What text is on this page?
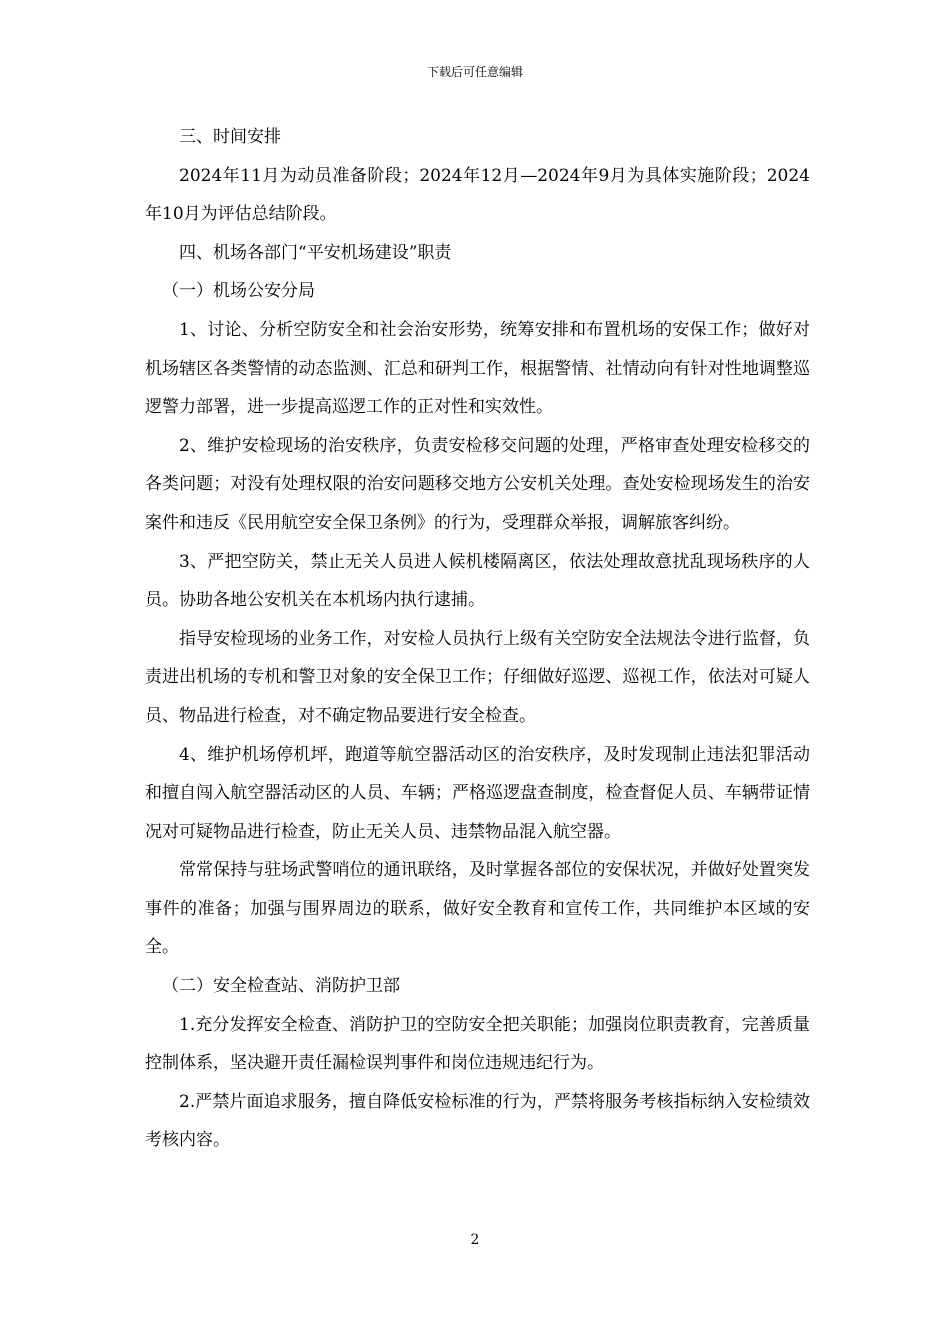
下载后可任意编辑

三、时间安排

2024年11月为动员准备阶段；2024年12月—2024年9月为具体实施阶段；2024年10月为评估总结阶段。

四、机场各部门“平安机场建设”职责

（一）机场公安分局

1、讨论、分析空防安全和社会治安形势，统筹安排和布置机场的安保工作；做好对机场辖区各类警情的动态监测、汇总和研判工作，根据警情、社情动向有针对性地调整巡逻警力部署，进一步提高巡逻工作的正对性和实效性。

2、维护安检现场的治安秩序，负责安检移交问题的处理，严格审查处理安检移交的各类问题；对没有处理权限的治安问题移交地方公安机关处理。查处安检现场发生的治安案件和违反《民用航空安全保卫条例》的行为，受理群众举报，调解旅客纠纷。

3、严把空防关，禁止无关人员进人候机楼隔离区，依法处理故意扰乱现场秩序的人员。协助各地公安机关在本机场内执行逮捕。

指导安检现场的业务工作，对安检人员执行上级有关空防安全法规法令进行监督，负责进出机场的专机和警卫对象的安全保卫工作；仔细做好巡逻、巡视工作，依法对可疑人员、物品进行检查，对不确定物品要进行安全检查。

4、维护机场停机坪，跑道等航空器活动区的治安秩序，及时发现制止违法犯罪活动和擅自闯入航空器活动区的人员、车辆；严格巡逻盘查制度，检查督促人员、车辆带证情况对可疑物品进行检查，防止无关人员、违禁物品混入航空器。

常常保持与驻场武警哨位的通讯联络，及时掌握各部位的安保状况，并做好处置突发事件的准备；加强与围界周边的联系，做好安全教育和宣传工作，共同维护本区域的安全。

（二）安全检查站、消防护卫部

1.充分发挥安全检查、消防护卫的空防安全把关职能；加强岗位职责教育，完善质量控制体系，坚决避开责任漏检误判事件和岗位违规违纪行为。

2.严禁片面追求服务，擅自降低安检标准的行为，严禁将服务考核指标纳入安检绩效考核内容。

2
